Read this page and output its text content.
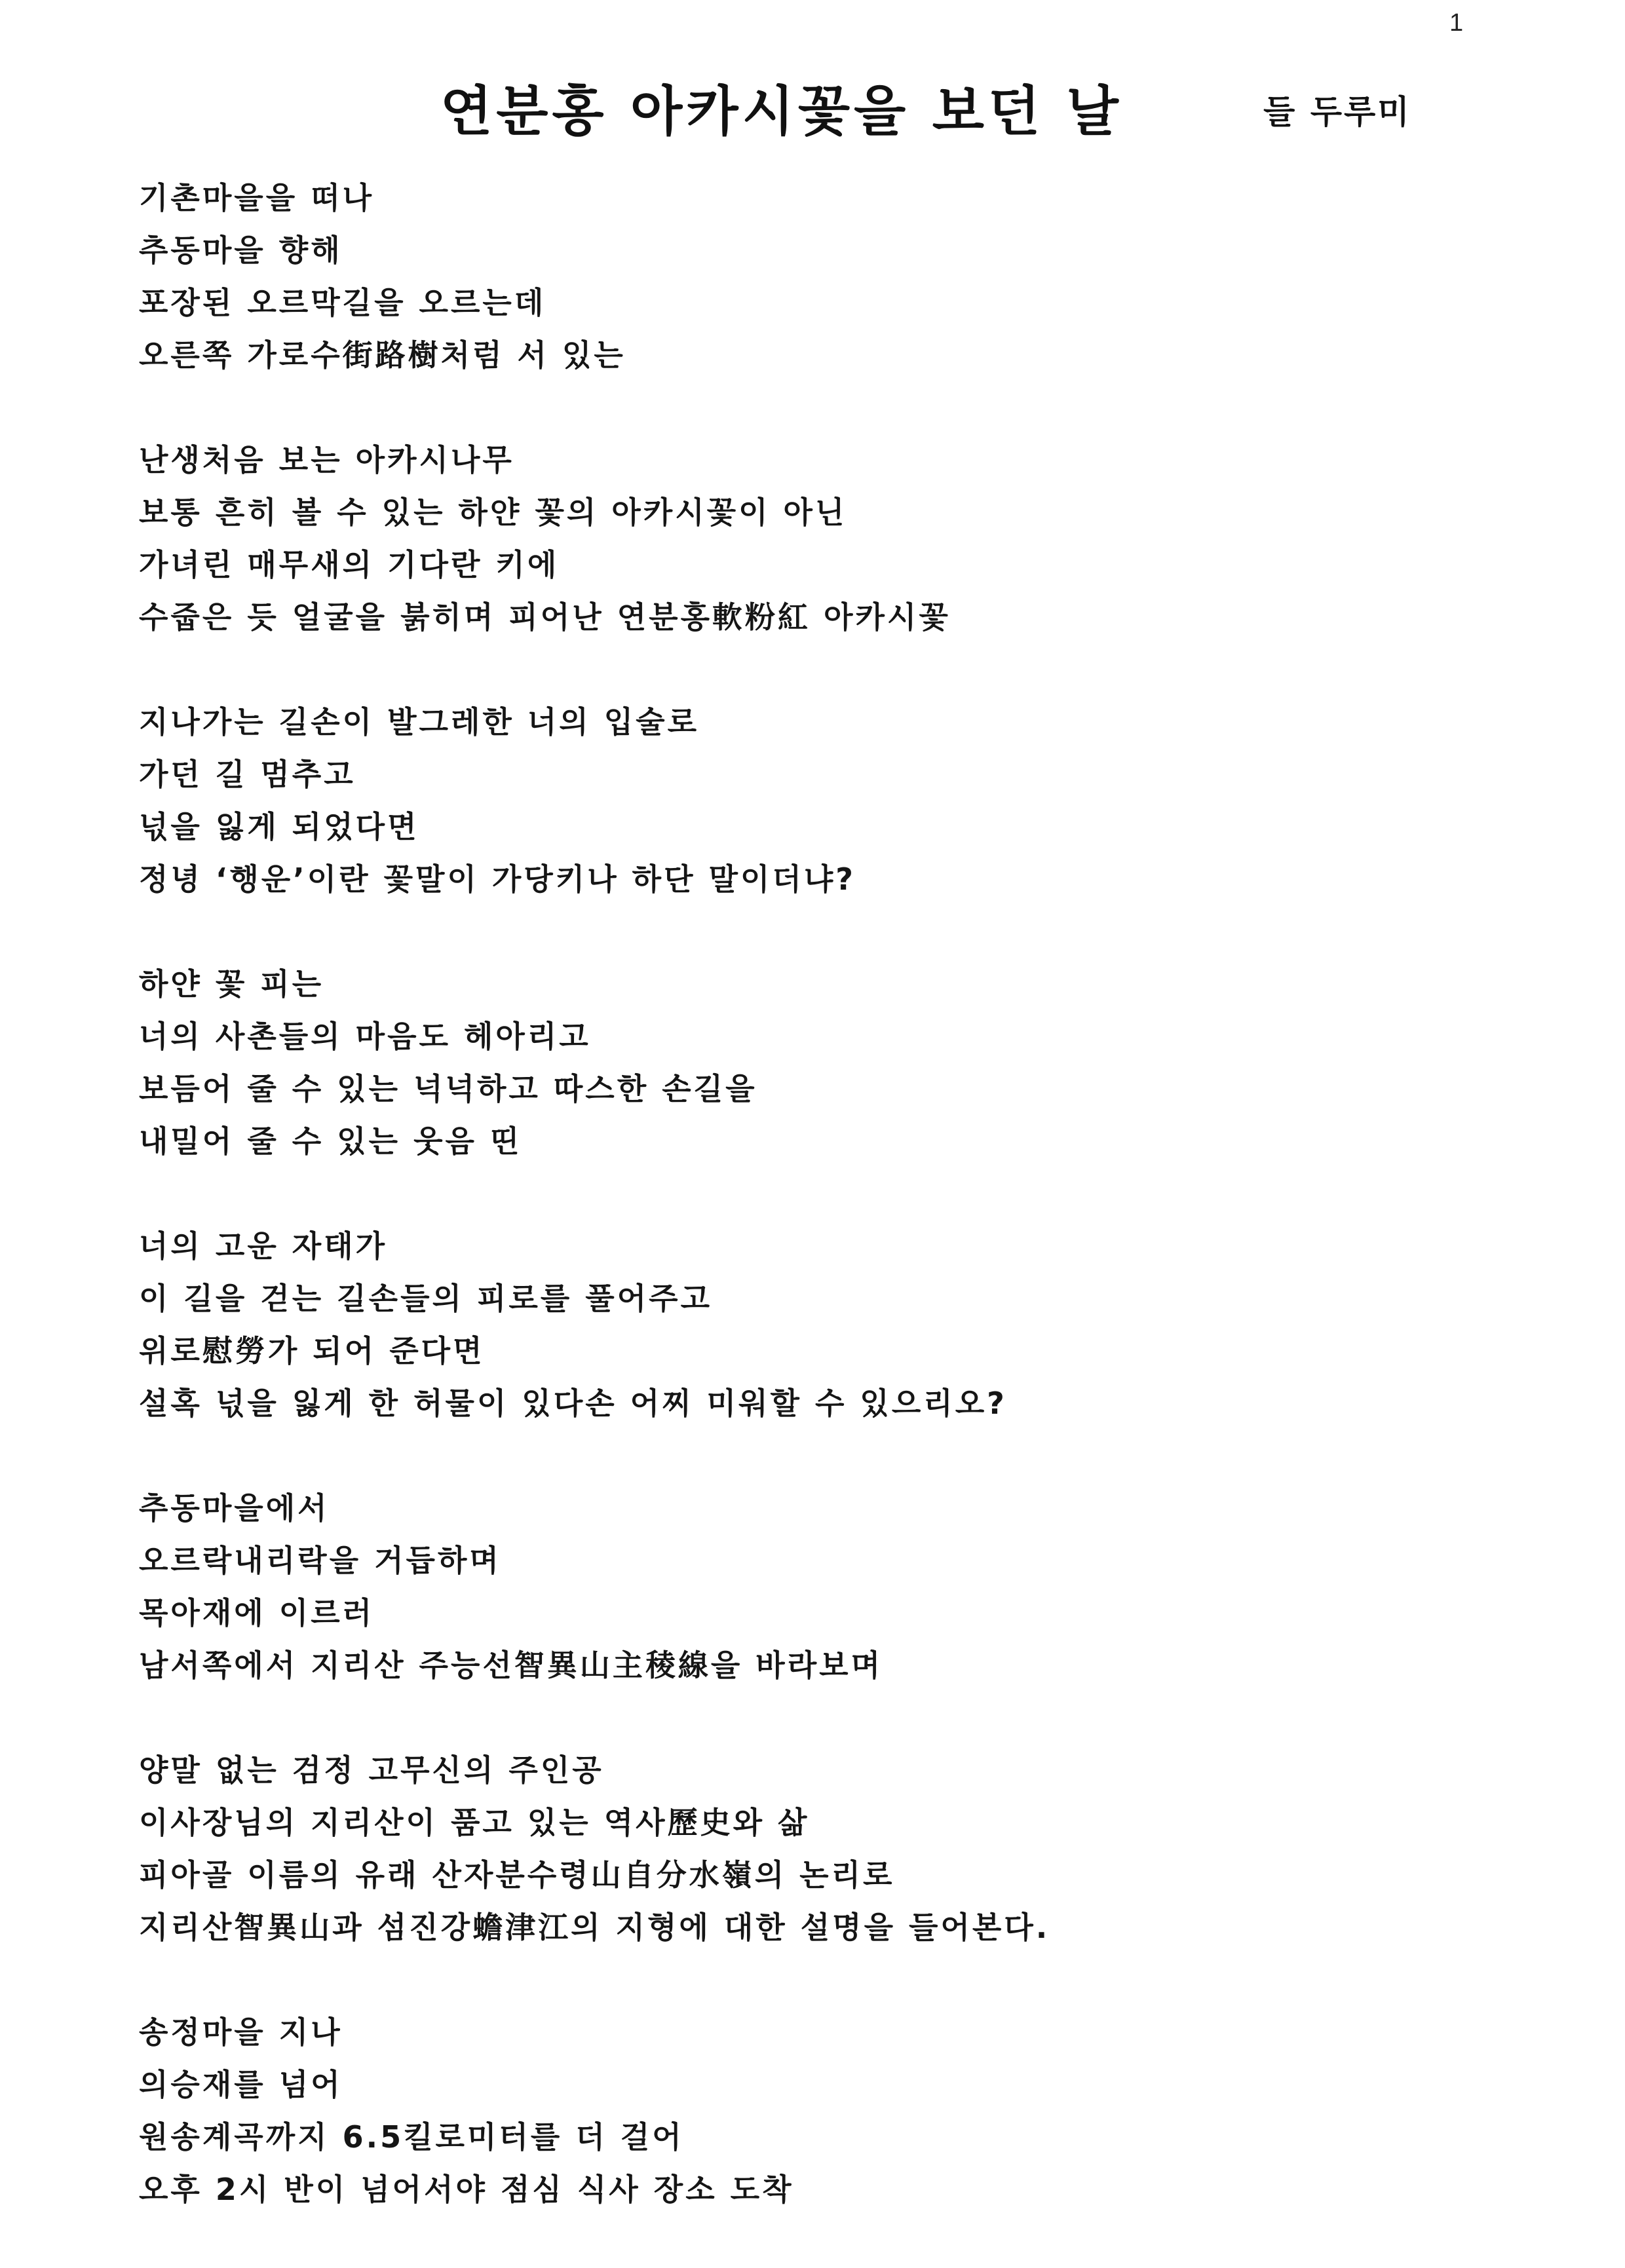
1
연분홍 아카시꽃을 보던 날	들 두루미
기촌마을을 떠나
추동마을 향해
포장된 오르막길을 오르는데
오른쪽 가로수街路樹처럼 서 있는
난생처음 보는 아카시나무
보통 흔히 볼 수 있는 하얀 꽃의 아카시꽃이 아닌
가녀린 매무새의 기다란 키에
수줍은 듯 얼굴을 붉히며 피어난 연분홍軟粉紅 아카시꽃
지나가는 길손이 발그레한 너의 입술로
가던 길 멈추고
넋을 잃게 되었다면
정녕 ‘행운’이란 꽃말이 가당키나 하단 말이더냐?
하얀 꽃 피는
너의 사촌들의 마음도 헤아리고
보듬어 줄 수 있는 넉넉하고 따스한 손길을
내밀어 줄 수 있는 웃음 띤
너의 고운 자태가
이 길을 걷는 길손들의 피로를 풀어주고
위로慰勞가 되어 준다면
설혹 넋을 잃게 한 허물이 있다손 어찌 미워할 수 있으리오?
추동마을에서
오르락내리락을 거듭하며
목아재에 이르러
남서쪽에서 지리산 주능선智異山主稜線을 바라보며
양말 없는 검정 고무신의 주인공
이사장님의 지리산이 품고 있는 역사歷史와 삶
피아골 이름의 유래 산자분수령山自分水嶺의 논리로
지리산智異山과 섬진강蟾津江의 지형에 대한 설명을 들어본다.
송정마을 지나
의승재를 넘어
원송계곡까지 6.5킬로미터를 더 걸어
오후 2시 반이 넘어서야 점심 식사 장소 도착
